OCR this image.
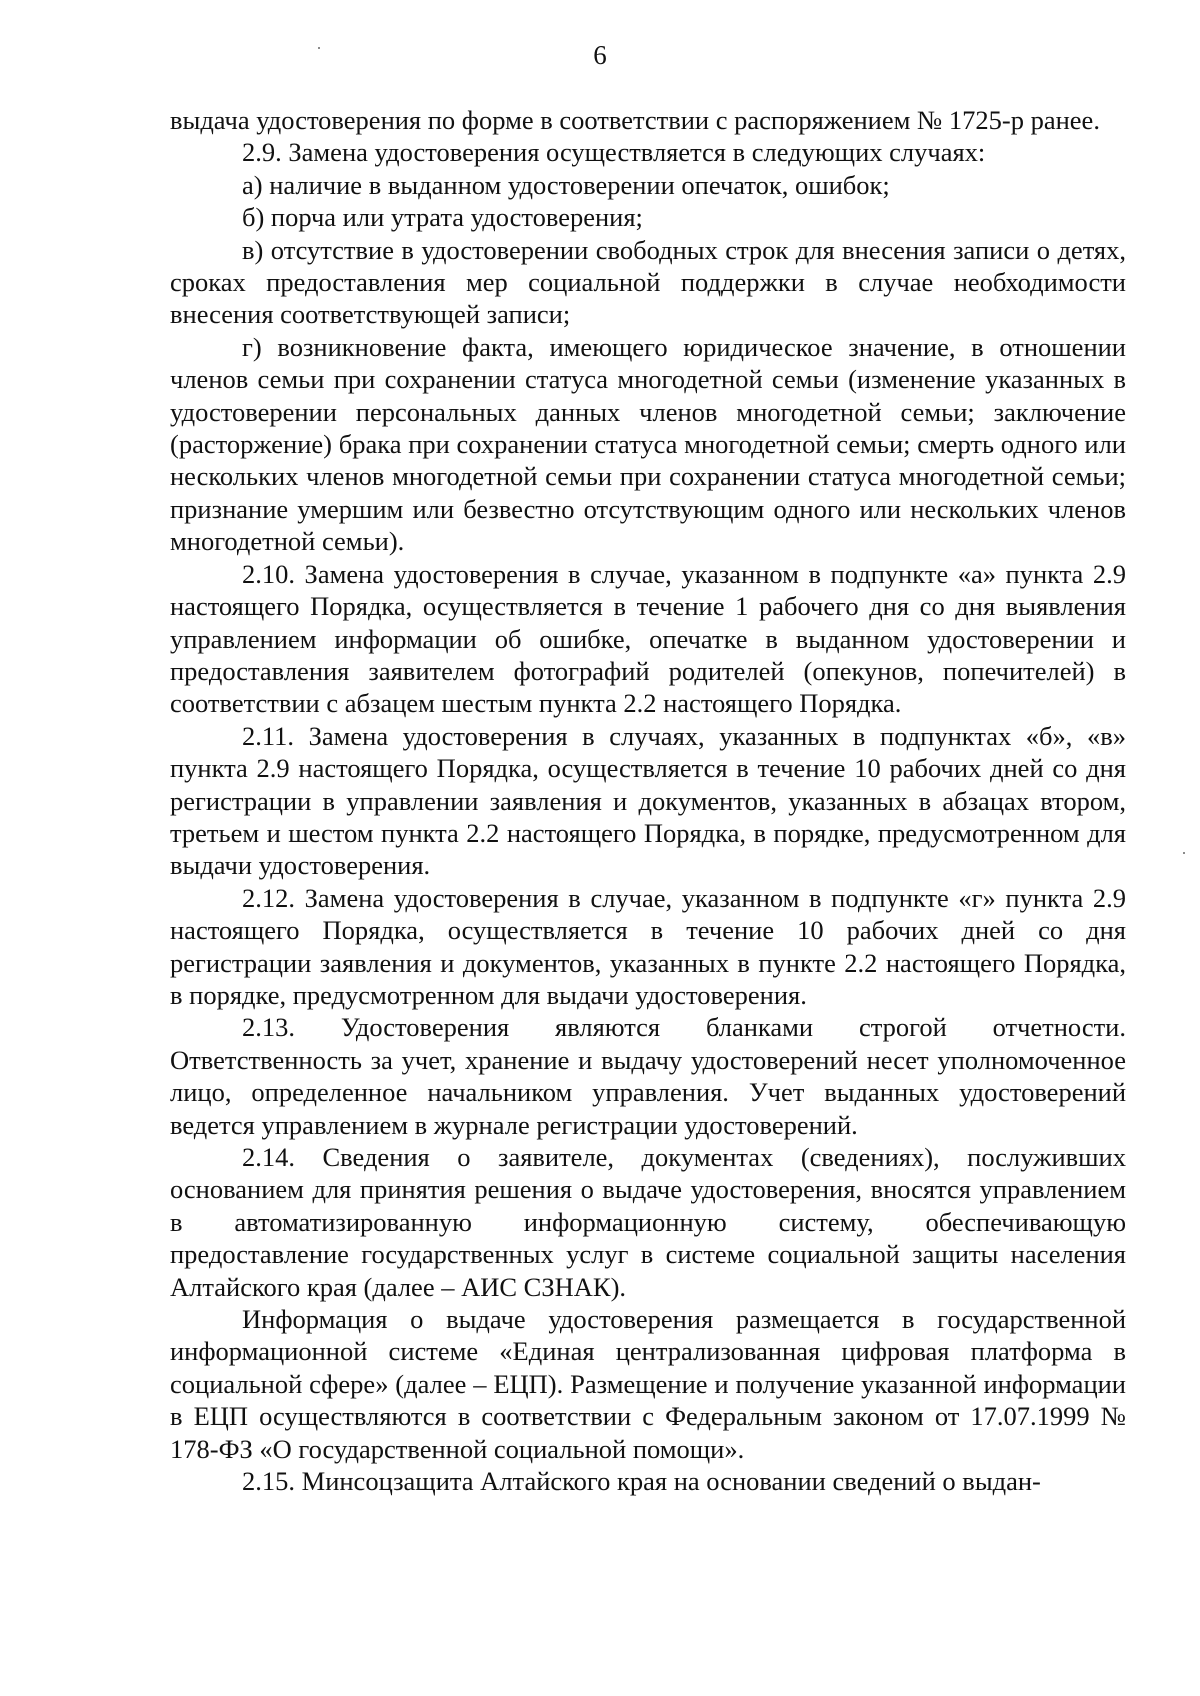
6

выдача удостоверения по форме в соответствии с распоряжением № 1725-р ранее.

2.9. Замена удостоверения осуществляется в следующих случаях:

а) наличие в выданном удостоверении опечаток, ошибок;

б) порча или утрата удостоверения;

в) отсутствие в удостоверении свободных строк для внесения записи о детях, сроках предоставления мер социальной поддержки в случае необходимости внесения соответствующей записи;

г) возникновение факта, имеющего юридическое значение, в отношении членов семьи при сохранении статуса многодетной семьи (изменение указанных в удостоверении персональных данных членов многодетной семьи; заключение (расторжение) брака при сохранении статуса многодетной семьи; смерть одного или нескольких членов многодетной семьи при сохранении статуса многодетной семьи; признание умершим или безвестно отсутствующим одного или нескольких членов многодетной семьи).

2.10. Замена удостоверения в случае, указанном в подпункте «а» пункта 2.9 настоящего Порядка, осуществляется в течение 1 рабочего дня со дня выявления управлением информации об ошибке, опечатке в выданном удостоверении и предоставления заявителем фотографий родителей (опекунов, попечителей) в соответствии с абзацем шестым пункта 2.2 настоящего Порядка.

2.11. Замена удостоверения в случаях, указанных в подпунктах «б», «в» пункта 2.9 настоящего Порядка, осуществляется в течение 10 рабочих дней со дня регистрации в управлении заявления и документов, указанных в абзацах втором, третьем и шестом пункта 2.2 настоящего Порядка, в порядке, предусмотренном для выдачи удостоверения.

2.12. Замена удостоверения в случае, указанном в подпункте «г» пункта 2.9 настоящего Порядка, осуществляется в течение 10 рабочих дней со дня регистрации заявления и документов, указанных в пункте 2.2 настоящего Порядка, в порядке, предусмотренном для выдачи удостоверения.

2.13. Удостоверения являются бланками строгой отчетности. Ответственность за учет, хранение и выдачу удостоверений несет уполномоченное лицо, определенное начальником управления. Учет выданных удостоверений ведется управлением в журнале регистрации удостоверений.

2.14. Сведения о заявителе, документах (сведениях), послуживших основанием для принятия решения о выдаче удостоверения, вносятся управлением в автоматизированную информационную систему, обеспечивающую предоставление государственных услуг в системе социальной защиты населения Алтайского края (далее – АИС СЗНАК).

Информация о выдаче удостоверения размещается в государственной информационной системе «Единая централизованная цифровая платформа в социальной сфере» (далее – ЕЦП). Размещение и получение указанной информации в ЕЦП осуществляются в соответствии с Федеральным законом от 17.07.1999 № 178-ФЗ «О государственной социальной помощи».

2.15. Минсоцзащита Алтайского края на основании сведений о выдан-
